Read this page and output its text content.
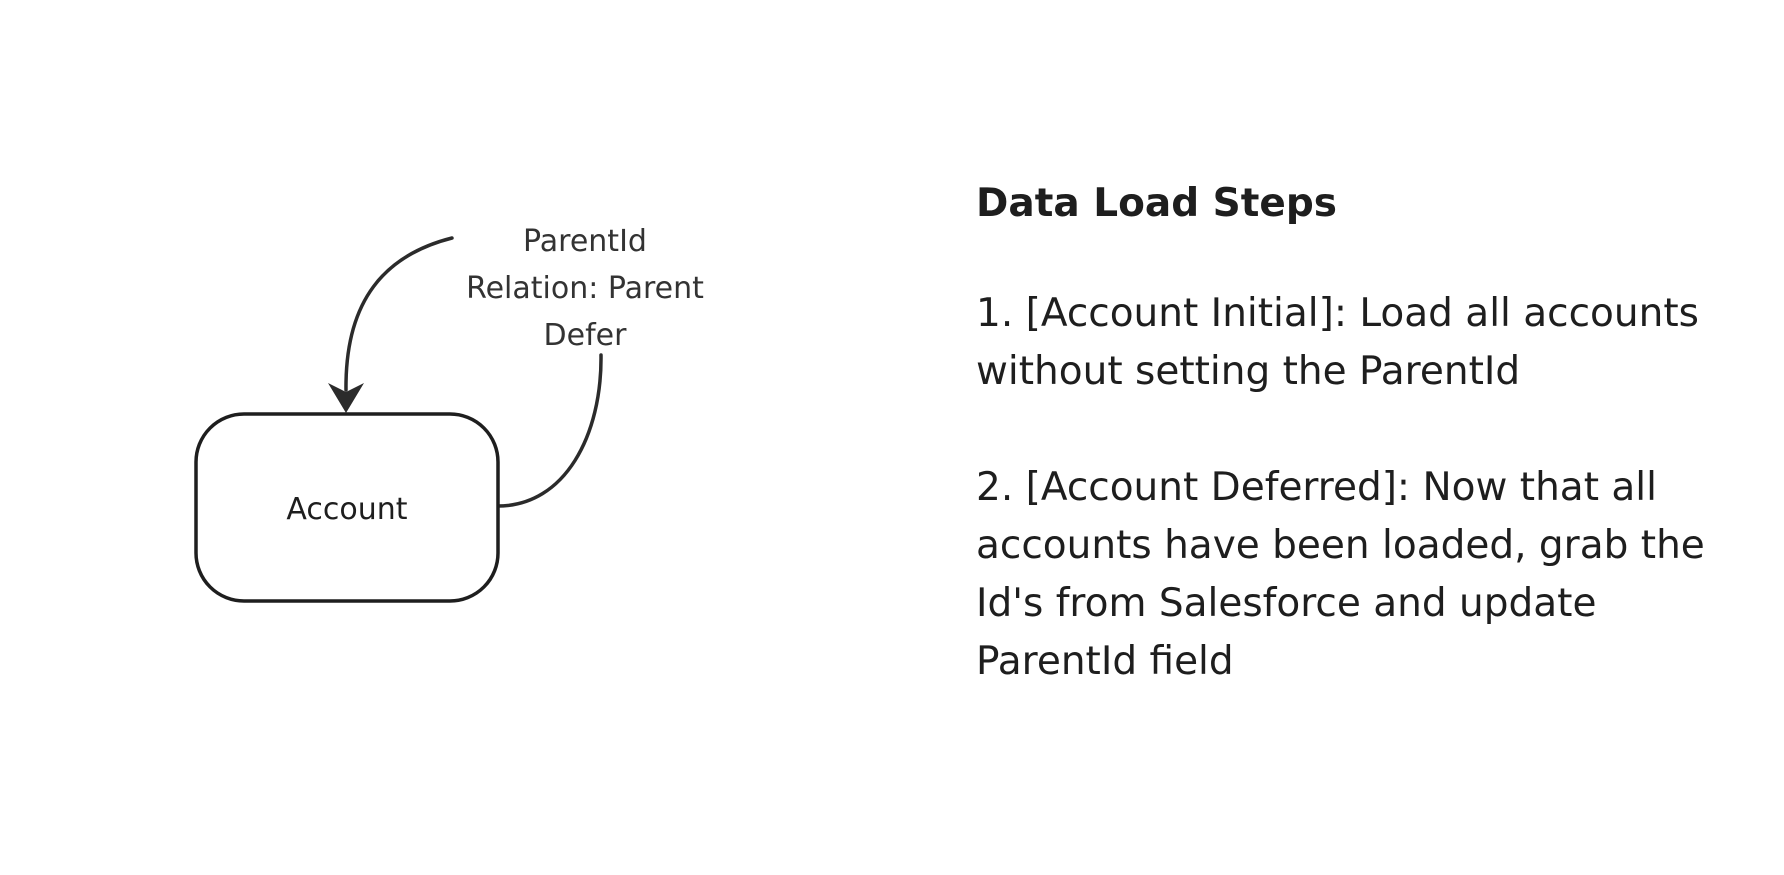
Account
ParentId
Relation: Parent
Defer
Data Load Steps
1. [Account Initial]: Load all accounts without setting the ParentId
2. [Account Deferred]: Now that all accounts have been loaded, grab the Id's from Salesforce and update ParentId field
